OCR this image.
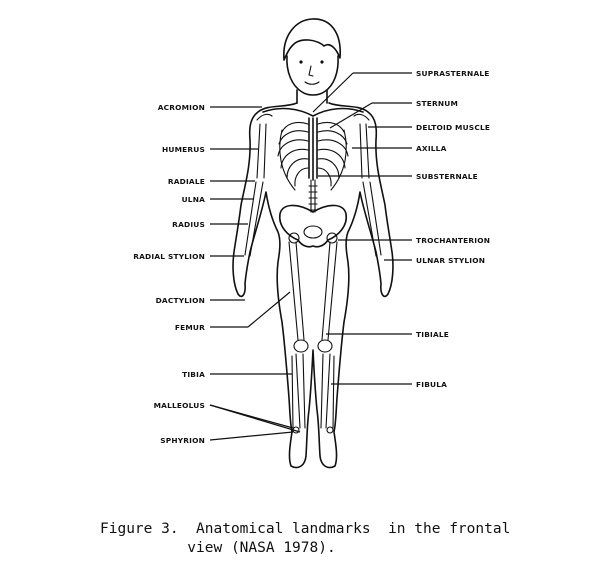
ACROMION
HUMERUS
RADIALE
ULNA
RADIUS
RADIAL STYLION
DACTYLION
FEMUR
TIBIA
MALLEOLUS
SPHYRION
SUPRASTERNALE
STERNUM
DELTOID MUSCLE
AXILLA
SUBSTERNALE
TROCHANTERION
ULNAR STYLION
TIBIALE
FIBULA
Figure 3.  Anatomical landmarks  in the frontal
view (NASA 1978).
